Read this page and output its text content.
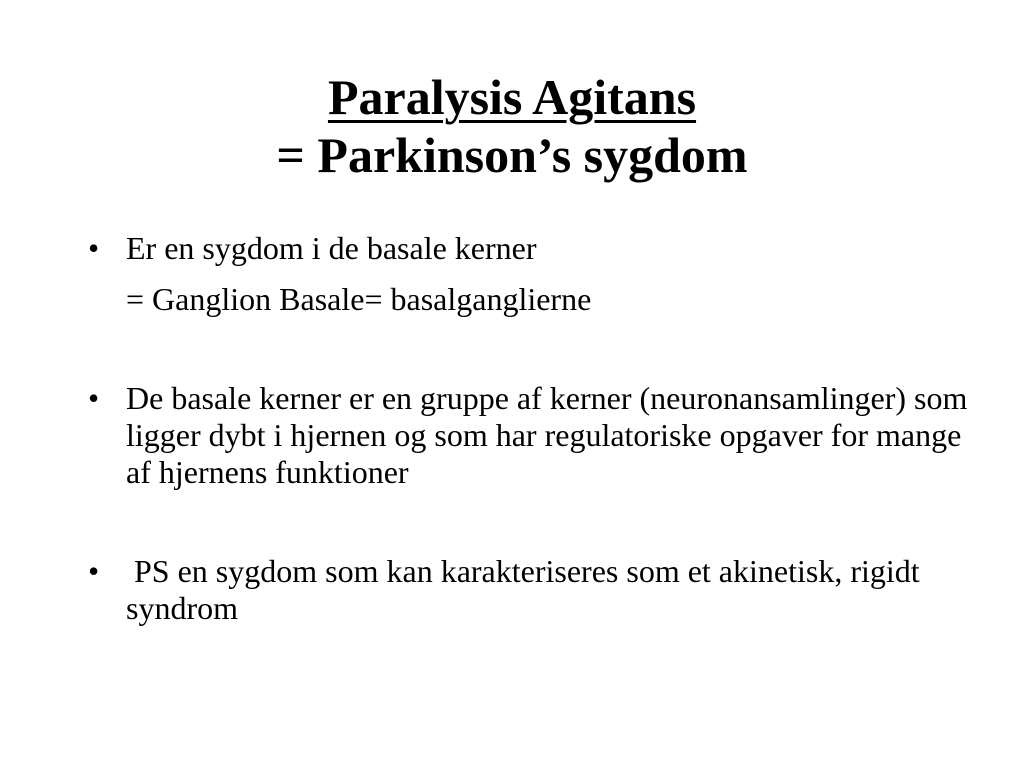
Paralysis Agitans
= Parkinson’s sygdom
• Er en sygdom i de basale kerner
= Ganglion Basale= basalganglierne
• De basale kerner er en gruppe af kerner (neuronansamlinger) som ligger dybt i hjernen og som har regulatoriske opgaver for mange af hjernens funktioner
• PS en sygdom som kan karakteriseres som et akinetisk, rigidt syndrom
